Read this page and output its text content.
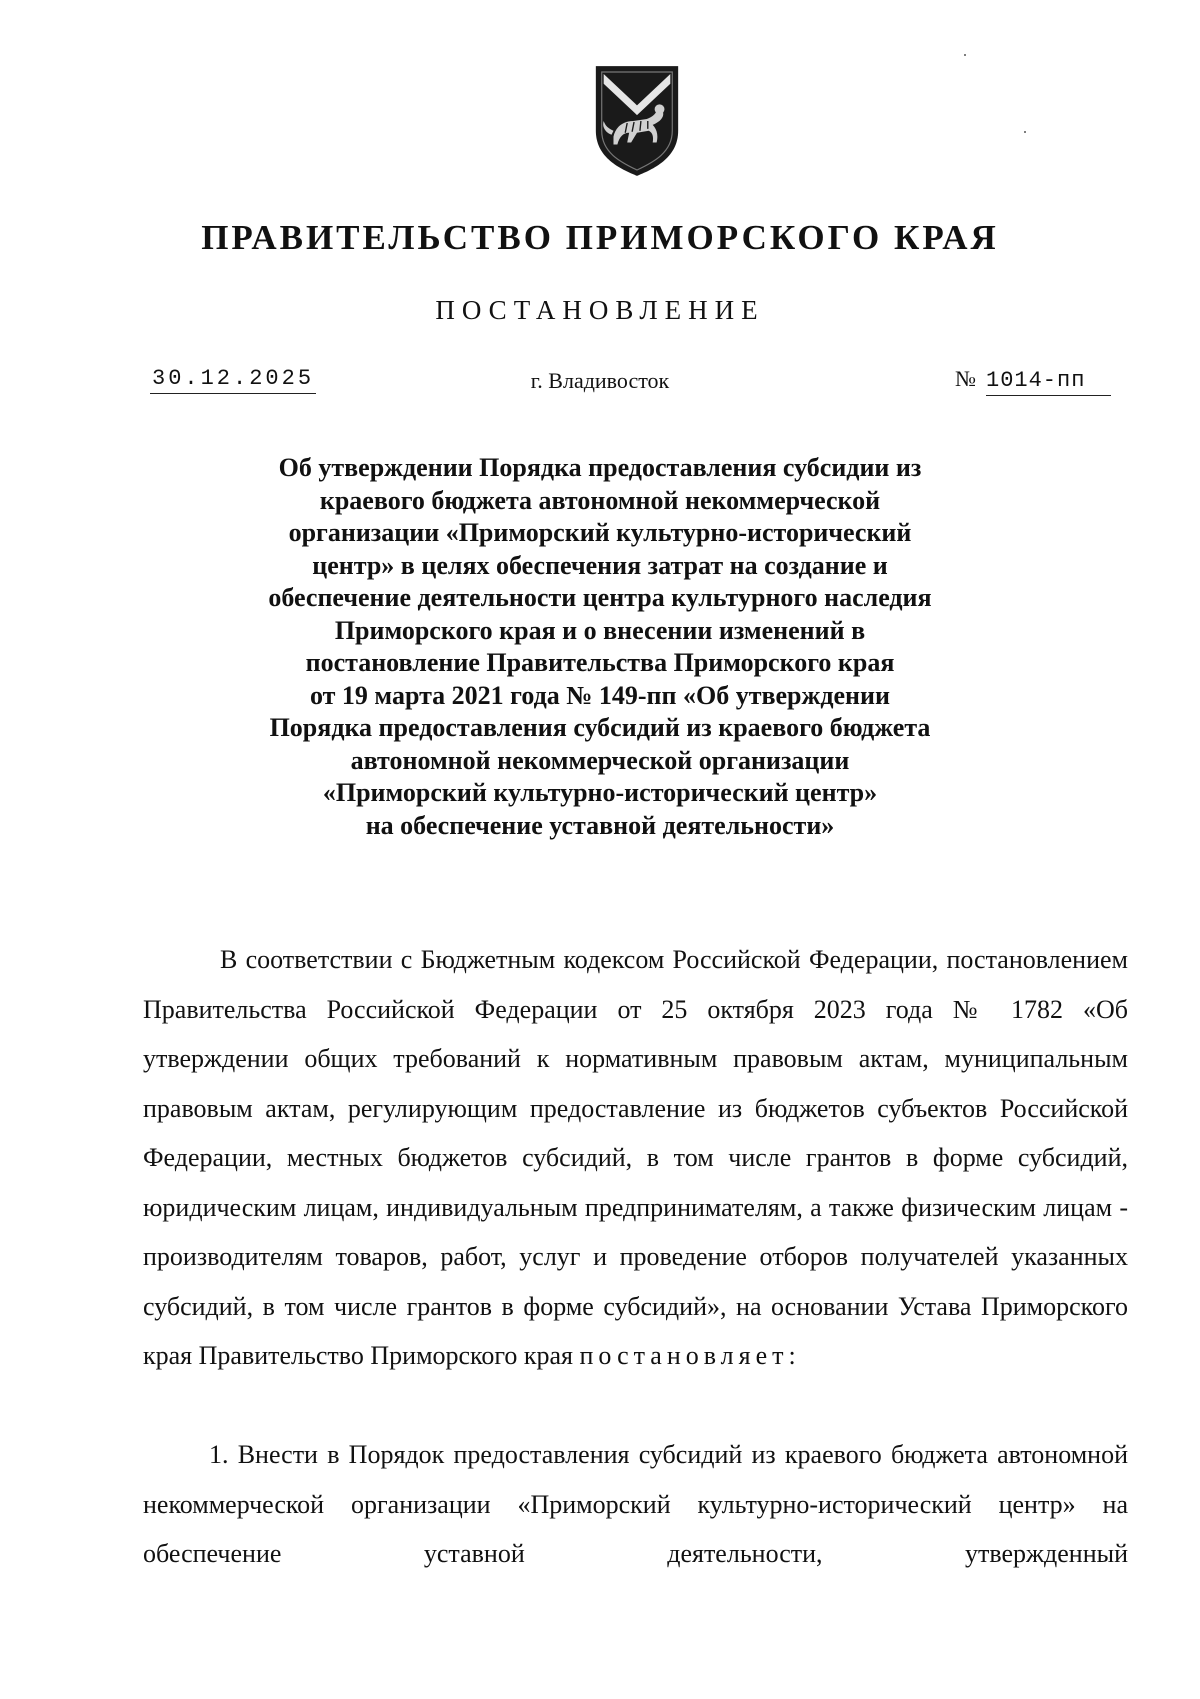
ПРАВИТЕЛЬСТВО ПРИМОРСКОГО КРАЯ
ПОСТАНОВЛЕНИЕ
30.12.2025	г. Владивосток	№ 1014-пп
Об утверждении Порядка предоставления субсидии из
краевого бюджета автономной некоммерческой
организации «Приморский культурно-исторический
центр» в целях обеспечения затрат на создание и
обеспечение деятельности центра культурного наследия
Приморского края и о внесении изменений в
постановление Правительства Приморского края
от 19 марта 2021 года № 149-пп «Об утверждении
Порядка предоставления субсидий из краевого бюджета
автономной некоммерческой организации
«Приморский культурно-исторический центр»
на обеспечение уставной деятельности»
В соответствии с Бюджетным кодексом Российской Федерации, постановлением Правительства Российской Федерации от 25 октября 2023 года № 1782 «Об утверждении общих требований к нормативным правовым актам, муниципальным правовым актам, регулирующим предоставление из бюджетов субъектов Российской Федерации, местных бюджетов субсидий, в том числе грантов в форме субсидий, юридическим лицам, индивидуальным предпринимателям, а также физическим лицам - производителям товаров, работ, услуг и проведение отборов получателей указанных субсидий, в том числе грантов в форме субсидий», на основании Устава Приморского края Правительство Приморского края постановляет:
1. Внести в Порядок предоставления субсидий из краевого бюджета автономной некоммерческой организации «Приморский культурно-исторический центр» на обеспечение уставной деятельности, утвержденный
